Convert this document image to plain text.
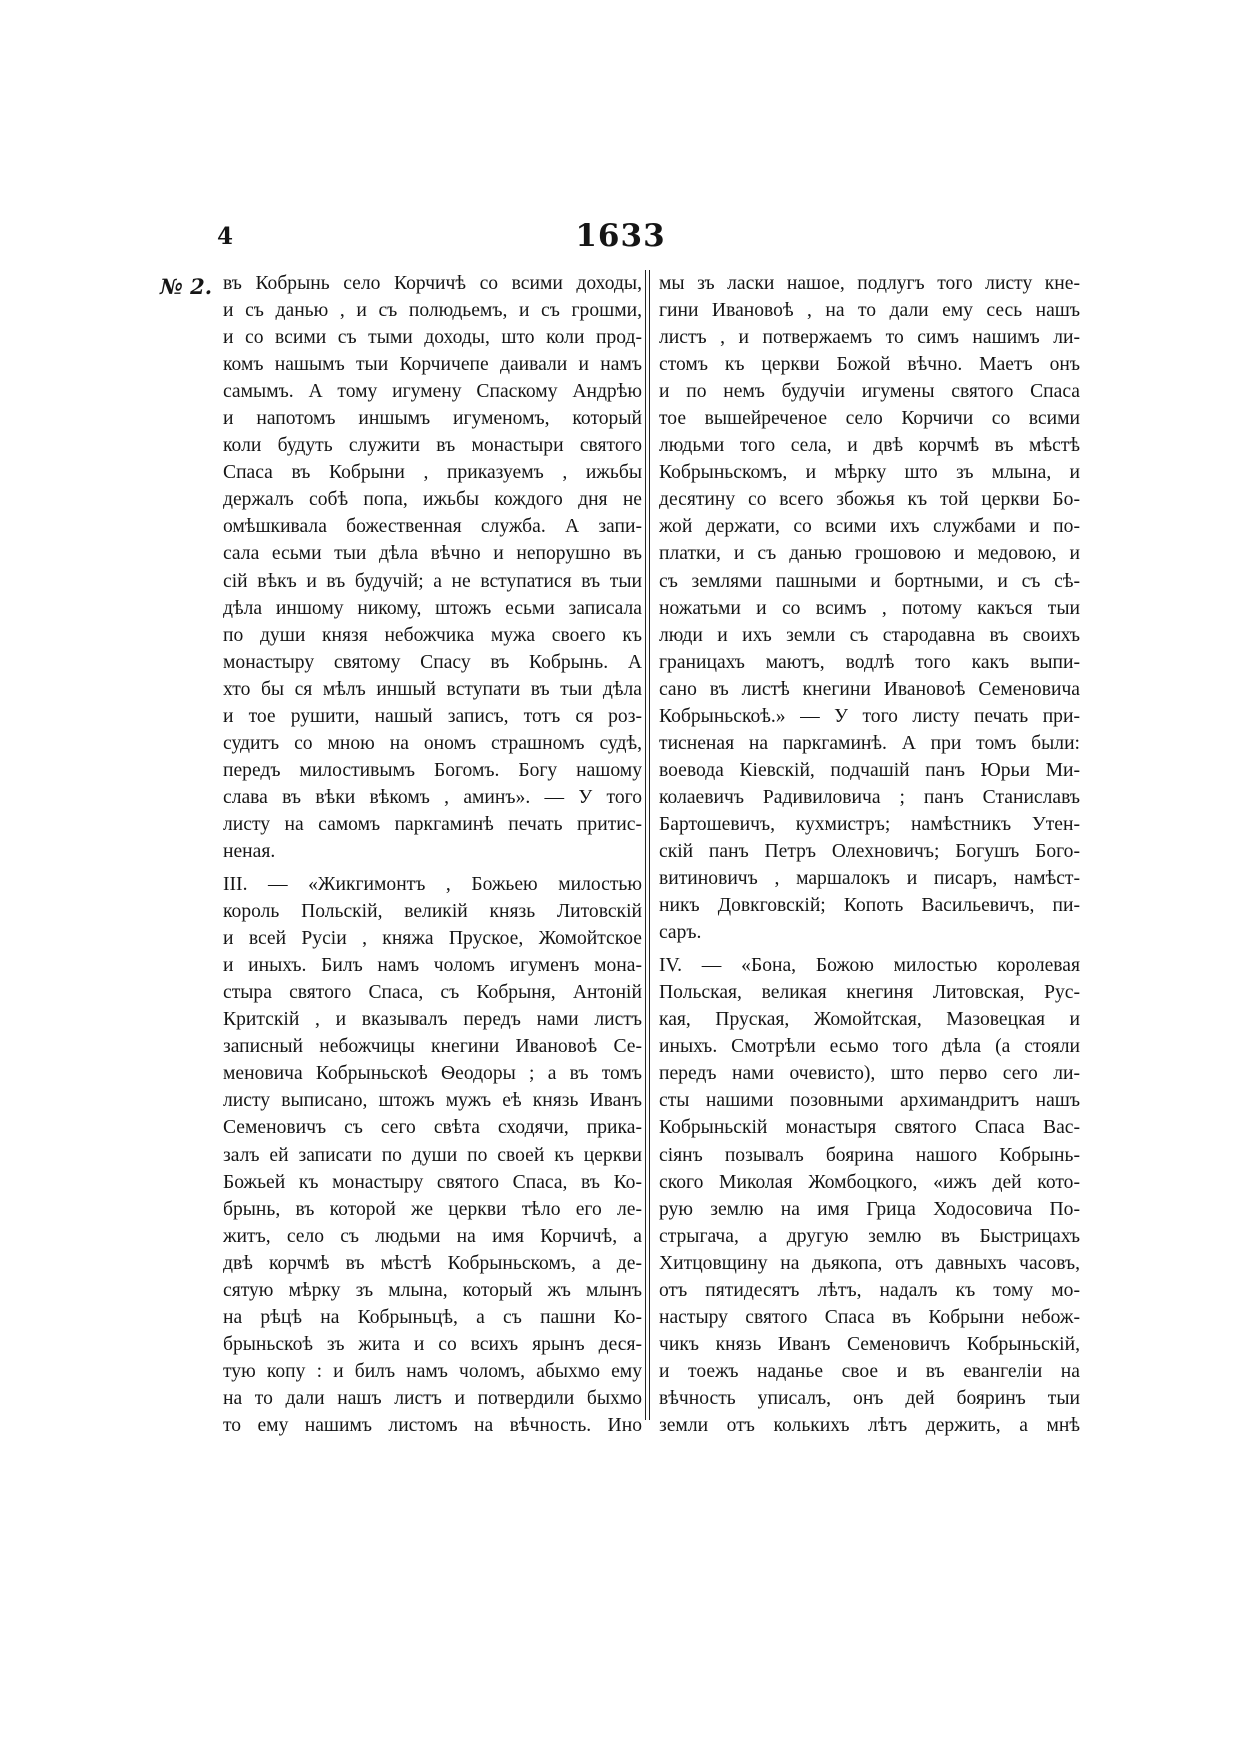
4	1633
№ 2. въ Кобрынь село Корчичѣ со всими доходы,
и съ данью , и съ полюдьемъ, и съ грошми,
и со всими съ тыми доходы, што коли прод-
комъ нашымъ тыи Корчичепе даивали и намъ
самымъ. А тому игумену Спаскому Андрѣю
и напотомъ иншымъ игуменомъ, который
коли будуть служити въ монастыри святого
Спаса въ Кобрыни , приказуемъ , ижьбы
держалъ собѣ попа, ижьбы кождого дня не
омѣшкивала божественная служба. А запи-
сала есьми тыи дѣла вѣчно и непорушно въ
сій вѣкъ и въ будучій; а не вступатися въ тыи
дѣла иншому никому, штожъ есьми записала
по души князя небожчика мужа своего къ
монастыру святому Спасу въ Кобрынь. А
хто бы ся мѣлъ иншый вступати въ тыи дѣла
и тое рушити, нашый записъ, тотъ ся роз-
судитъ со мною на ономъ страшномъ судѣ,
передъ милостивымъ Богомъ. Богу нашому
слава въ вѣки вѣкомъ , аминъ». — У того
листу на самомъ паркгаминѣ печать притис-
неная.
III. — «Жикгимонтъ , Божьею милостью
король Польскій, великій князь Литовскій
и всей Русіи , княжа Пруское, Жомойтское
и иныхъ. Билъ намъ чоломъ игуменъ мона-
стыра святого Спаса, съ Кобрыня, Антоній
Критскій , и вказывалъ передъ нами листъ
записный небожчицы кнегини Ивановоѣ Се-
меновича Кобрыньскоѣ Ѳеодоры ; а въ томъ
листу выписано, штожъ мужъ еѣ князь Иванъ
Семеновичъ съ сего свѣта сходячи, прика-
залъ ей записати по души по своей къ церкви
Божьей къ монастыру святого Спаса, въ Ко-
брынь, въ которой же церкви тѣло его ле-
житъ, село съ людьми на имя Корчичѣ, а
двѣ корчмѣ въ мѣстѣ Кобрыньскомъ, а де-
сятую мѣрку зъ млына, который жъ млынъ
на рѣцѣ на Кобрыньцѣ, а съ пашни Ко-
брыньскоѣ зъ жита и со всихъ ярынъ деся-
тую копу : и билъ намъ чоломъ, абыхмо ему
на то дали нашъ листъ и потвердили быхмо
то ему нашимъ листомъ на вѣчность. Ино
мы зъ ласки нашое, подлугъ того листу кне-
гини Ивановоѣ , на то дали ему сесь нашъ
листъ , и потвержаемъ то симъ нашимъ ли-
стомъ къ церкви Божой вѣчно. Маетъ онъ
и по немъ будучіи игумены святого Спаса
тое вышейреченое село Корчичи со всими
людьми того села, и двѣ корчмѣ въ мѣстѣ
Кобрыньскомъ, и мѣрку што зъ млына, и
десятину со всего збожья къ той церкви Бо-
жой держати, со всими ихъ службами и по-
платки, и съ данью грошовою и медовою, и
съ землями пашными и бортными, и съ сѣ-
ножатьми и со всимъ , потому какъся тыи
люди и ихъ земли съ стародавна въ своихъ
границахъ маютъ, водлѣ того какъ выпи-
сано въ листѣ кнегини Ивановоѣ Семеновича
Кобрыньскоѣ.» — У того листу печать при-
тисненая на паркгаминѣ. А при томъ были:
воевода Кіевскій, подчашій панъ Юрьи Ми-
колаевичъ Радивиловича ; панъ Станиславъ
Бартошевичъ, кухмистръ; намѣстникъ Утен-
скій панъ Петръ Олехновичъ; Богушъ Бого-
витиновичъ , маршалокъ и писаръ, намѣст-
никъ Довкговскій; Копоть Васильевичъ, пи-
саръ.
IV. — «Бона, Божою милостью королевая
Польская, великая кнегиня Литовская, Рус-
кая, Пруская, Жомойтская, Мазовецкая и
иныхъ. Смотрѣли есьмо того дѣла (а стояли
передъ нами очевисто), што перво сего ли-
сты нашими позовными архимандритъ нашъ
Кобрыньскій монастыря святого Спаса Вас-
сіянъ позывалъ боярина нашого Кобрынь-
ского Миколая Жомбоцкого, «ижъ дей кото-
рую землю на имя Грица Ходосовича По-
стрыгача, а другую землю въ Быстрицахъ
Хитцовщину на дьякопа, отъ давныхъ часовъ,
отъ пятидесятъ лѣтъ, надалъ къ тому мо-
настыру святого Спаса въ Кобрыни небож-
чикъ князь Иванъ Семеновичъ Кобрыньскій,
и тоежъ наданье свое и въ евангеліи на
вѣчность уписалъ, онъ дей бояринъ тыи
земли отъ колькихъ лѣтъ держить, а мнѣ
